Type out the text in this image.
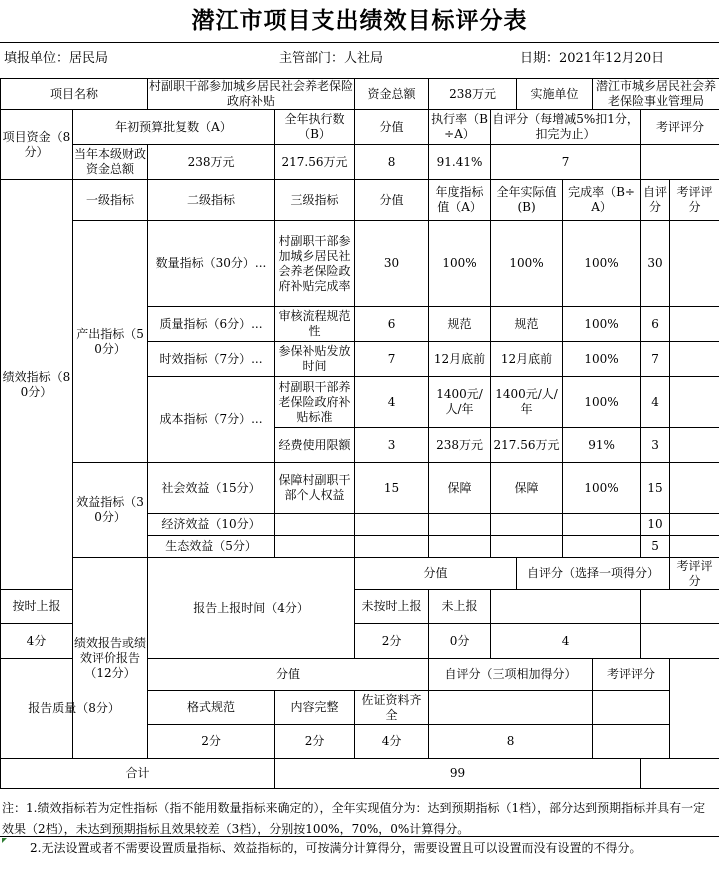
潜江市项目支出绩效目标评分表
填报单位：居民局	主管部门：人社局	日期：2021年12月20日
项目名称		村副职干部参加城乡居民社会养老保险政府补贴		资金总额	238万元		实施单位		潜江市城乡居民社会养老保险事业管理局			
项目资金（8分）	年初预算批复数（A）		全年执行数（B）	分值	执行率（B÷A）	自评分（每增减5%扣1分，扣完为止）				考评评分		
	当年本级财政资金总额	238万元	217.56万元	8	91.41%	7						
绩效指标（80分）	一级指标	二级指标	三级指标	分值	年度指标值（A）	全年实际值(B)		完成率（B÷A）		自评分	考评评分	
	产出指标（50分）	数量指标（30分）...	村副职干部参加城乡居民社会养老保险政府补贴完成率	30	100%	100%		100%		30		
		质量指标（6分）...	审核流程规范性	6	规范	规范		100%		6		
		时效指标（7分）...	参保补贴发放时间	7	12月底前	12月底前		100%		7		
		成本指标（7分）...	村副职干部养老保险政府补贴标准	4	1400元/人/年	1400元/人/年		100%		4		
			经费使用限额	3	238万元	217.56万元		91%		3		
	效益指标（30分）	社会效益（15分）	保障村副职干部个人权益	15	保障	保障		100%		15		
		经济效益（10分）								10		
		生态效益（5分）								5		
	绩效报告或绩效评价报告（12分）	报告上报时间（4分）		分值			自评分（选择一项得分）				考评评分	
按时上报				未按时上报	未上报							
4分				2分	0分	4						
报告质量（8分）		分值			自评分（三项相加得分）				考评评分			
		格式规范	内容完整	佐证资料齐全								
		2分	2分	4分	8							
合计			99									
注：1.绩效指标若为定性指标（指不能用数量指标来确定的），全年实现值分为：达到预期指标（1档），部分达到预期指标并具有一定效果（2档），未达到预期指标且效果较差（3档），分别按100%，70%，0%计算得分。
2.无法设置或者不需要设置质量指标、效益指标的，可按满分计算得分，需要设置且可以设置而没有设置的不得分。
